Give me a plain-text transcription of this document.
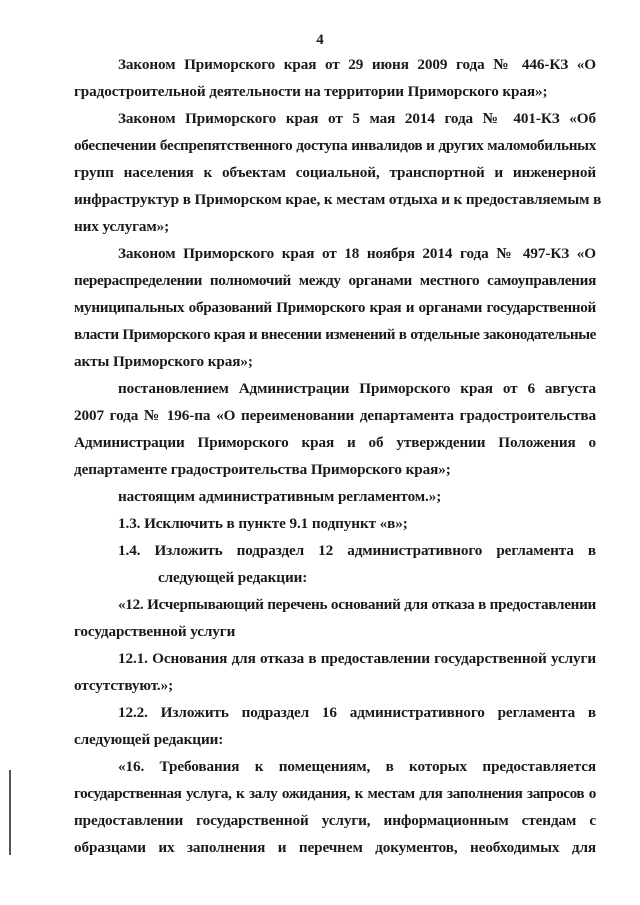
4
Законом Приморского края от 29 июня 2009 года № 446-КЗ «О
градостроительной деятельности на территории Приморского края»;
Законом Приморского края от 5 мая 2014 года № 401-КЗ «Об
обеспечении беспрепятственного доступа инвалидов и других маломобильных
групп населения к объектам социальной, транспортной и инженерной
инфраструктур в Приморском крае, к местам отдыха и к предоставляемым в
них услугам»;
Законом Приморского края от 18 ноября 2014 года № 497-КЗ «О
перераспределении полномочий между органами местного самоуправления
муниципальных образований Приморского края и органами государственной
власти Приморского края и внесении изменений в отдельные законодательные
акты Приморского края»;
постановлением Администрации Приморского края от 6 августа
2007 года № 196-па «О переименовании департамента градостроительства
Администрации Приморского края и об утверждении Положения о
департаменте градостроительства Приморского края»;
настоящим административным регламентом.»;
1.3. Исключить в пункте 9.1 подпункт «в»;
1.4. Изложить подраздел 12 административного регламента в
следующей редакции:
«12. Исчерпывающий перечень оснований для отказа в предоставлении
государственной услуги
12.1. Основания для отказа в предоставлении государственной услуги
отсутствуют.»;
12.2. Изложить подраздел 16 административного регламента в
следующей редакции:
«16. Требования к помещениям, в которых предоставляется
государственная услуга, к залу ожидания, к местам для заполнения запросов о
предоставлении государственной услуги, информационным стендам с
образцами их заполнения и перечнем документов, необходимых для
